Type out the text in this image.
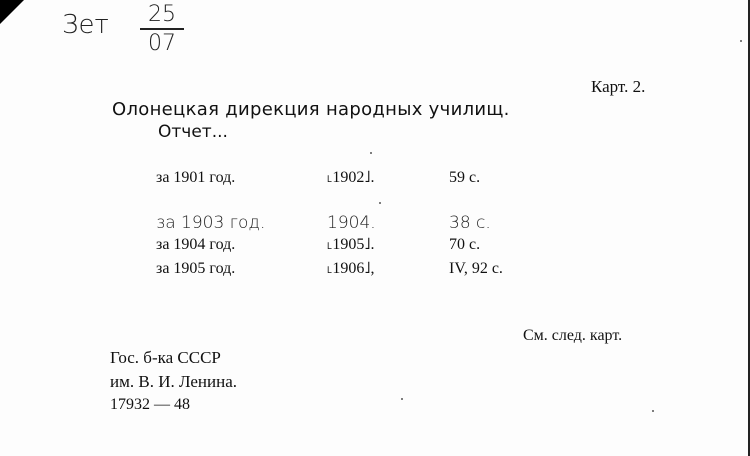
Зет $\frac{25}{07}$
Карт. 2.
Олонецкая дирекция народных училищ.
Отчет...
за 1901 год.	˪1902˩.	59 с.
за 1903 год.	1904.	38 с.
за 1904 год.	˪1905˩.	70 с.
за 1905 год.	˪1906˩,	IV, 92 с.
См. след. карт.
Гос. б-ка СССР
им. В. И. Ленина.
17932 — 48
